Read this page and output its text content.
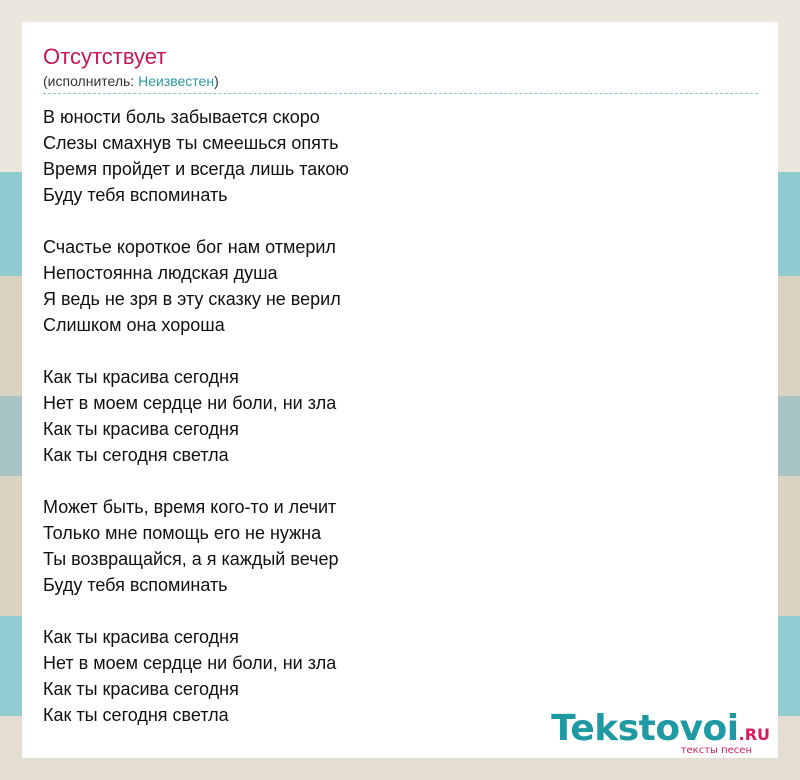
Отсутствует
(исполнитель: Неизвестен)
В юности боль забывается скоро
Слезы смахнув ты смеешься опять
Время пройдет и всегда лишь такою
Буду тебя вспоминать
Счастье короткое бог нам отмерил
Непостоянна людская душа
Я ведь не зря в эту сказку не верил
Слишком она хороша
Как ты красива сегодня
Нет в моем сердце ни боли, ни зла
Как ты красива сегодня
Как ты сегодня светла
Может быть, время кого-то и лечит
Только мне помощь его не нужна
Ты возвращайся, а я каждый вечер
Буду тебя вспоминать
Как ты красива сегодня
Нет в моем сердце ни боли, ни зла
Как ты красива сегодня
Как ты сегодня светла	Tekstovoi.RU
тексты песен
